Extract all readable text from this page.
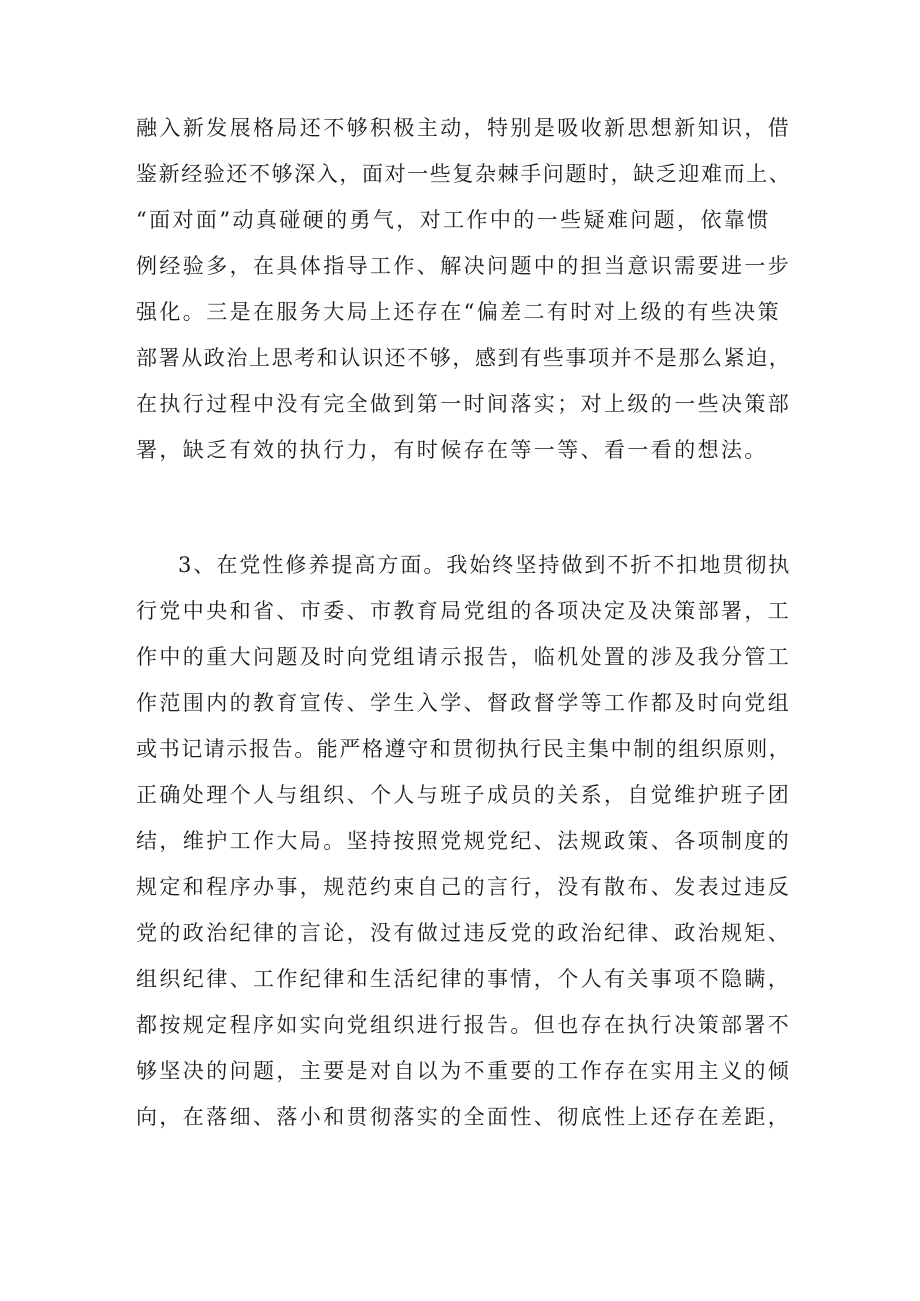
融入新发展格局还不够积极主动，特别是吸收新思想新知识，借
鉴新经验还不够深入，面对一些复杂棘手问题时，缺乏迎难而上、
“面对面”动真碰硬的勇气，对工作中的一些疑难问题，依靠惯
例经验多，在具体指导工作、解决问题中的担当意识需要进一步
强化。三是在服务大局上还存在“偏差二有时对上级的有些决策
部署从政治上思考和认识还不够，感到有些事项并不是那么紧迫，
在执行过程中没有完全做到第一时间落实；对上级的一些决策部
署，缺乏有效的执行力，有时候存在等一等、看一看的想法。
3、在党性修养提高方面。我始终坚持做到不折不扣地贯彻执
行党中央和省、市委、市教育局党组的各项决定及决策部署，工
作中的重大问题及时向党组请示报告，临机处置的涉及我分管工
作范围内的教育宣传、学生入学、督政督学等工作都及时向党组
或书记请示报告。能严格遵守和贯彻执行民主集中制的组织原则，
正确处理个人与组织、个人与班子成员的关系，自觉维护班子团
结，维护工作大局。坚持按照党规党纪、法规政策、各项制度的
规定和程序办事，规范约束自己的言行，没有散布、发表过违反
党的政治纪律的言论，没有做过违反党的政治纪律、政治规矩、
组织纪律、工作纪律和生活纪律的事情，个人有关事项不隐瞒，
都按规定程序如实向党组织进行报告。但也存在执行决策部署不
够坚决的问题，主要是对自以为不重要的工作存在实用主义的倾
向，在落细、落小和贯彻落实的全面性、彻底性上还存在差距，
